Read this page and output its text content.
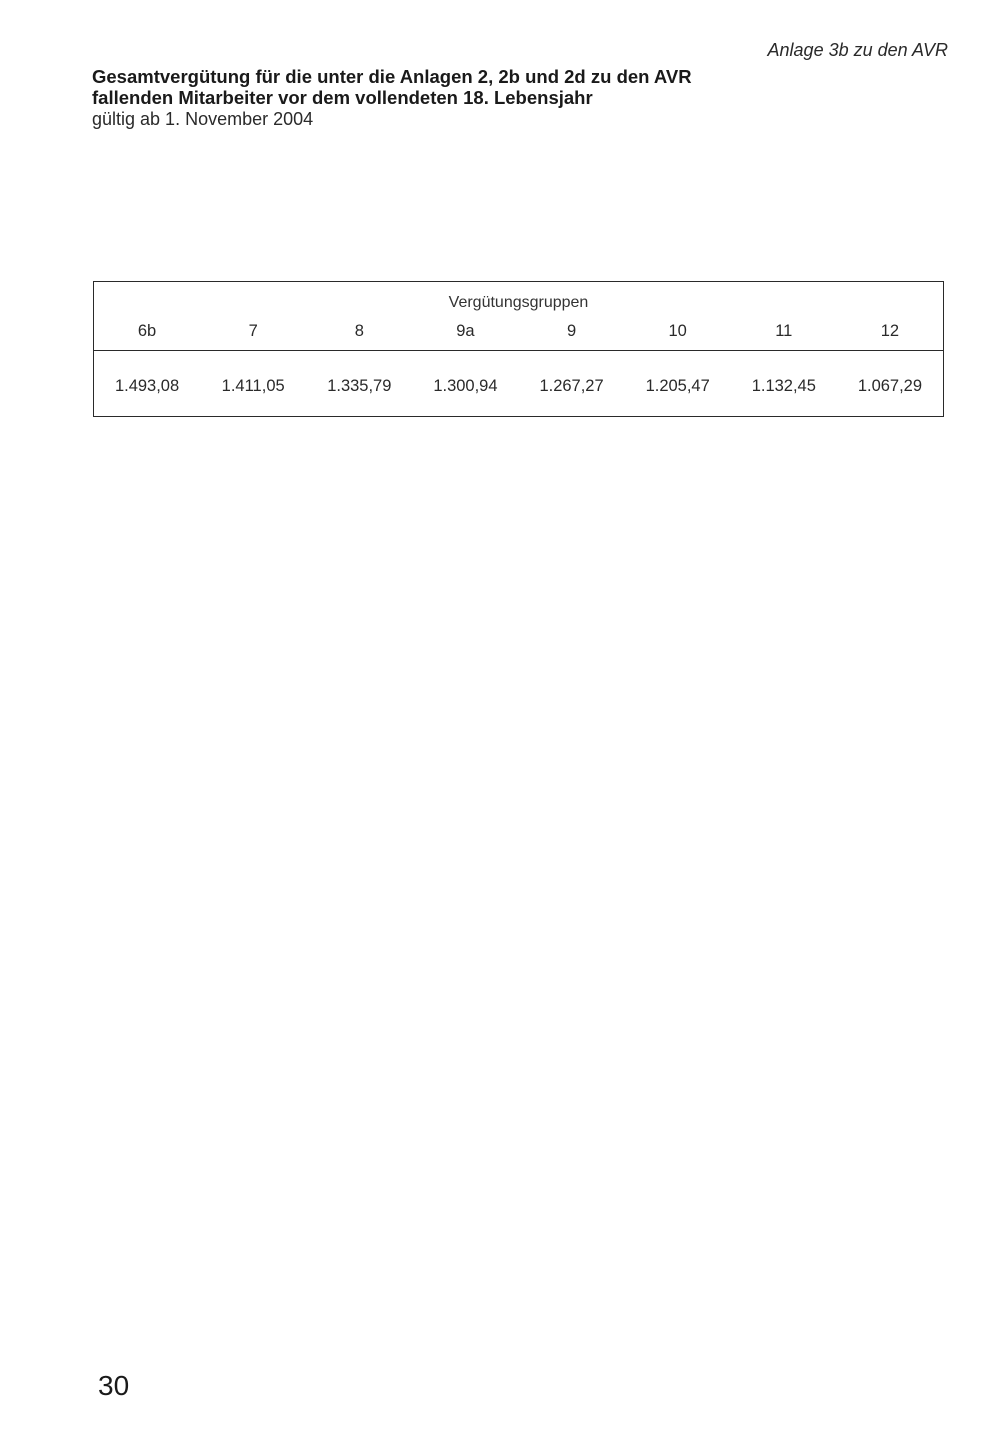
Anlage 3b zu den AVR
Gesamtvergütung für die unter die Anlagen 2, 2b und 2d zu den AVR
fallenden Mitarbeiter vor dem vollendeten 18. Lebensjahr
gültig ab 1. November 2004
Vergütungsgruppen
6b	7	8	9a	9	10	11	12
1.493,08	1.411,05	1.335,79	1.300,94	1.267,27	1.205,47	1.132,45	1.067,29
30
